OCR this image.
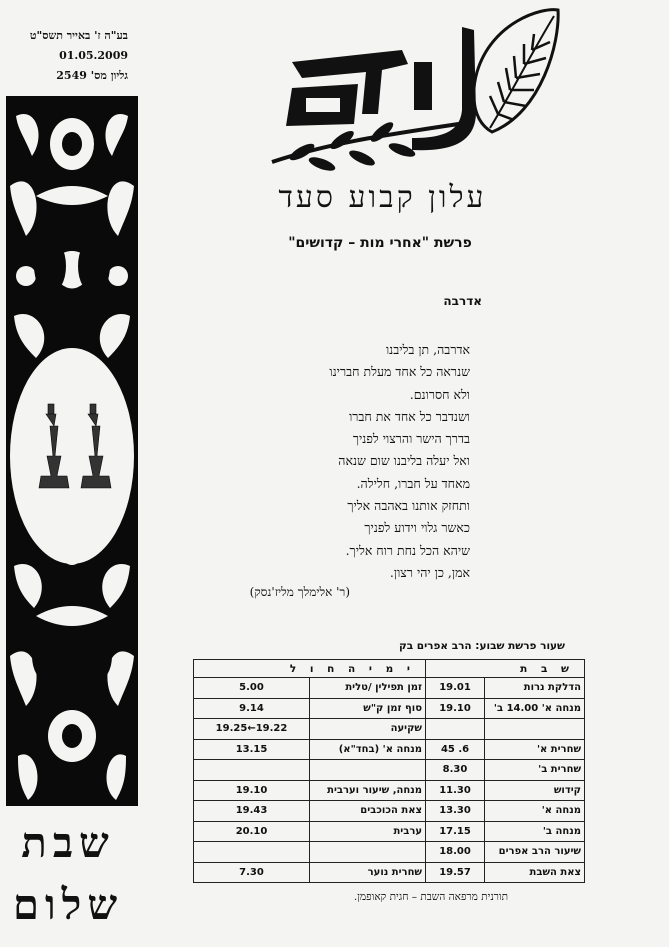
בע"ה ז' באייר תשס"ט
01.05.2009
גליון מס' 2549
שבת
שלום
עלון קבוע סעד
פרשת "אחרי מות – קדושים"
אדרבה
אדרבה, תן בליבנו
שנראה כל אחד מעלת חברינו
ולא חסרונם.
ושנדבר כל אחד את חברו
בדרך הישר והרצוי לפניך
ואל יעלה בליבנו שום שנאה
מאחד על חברו, חלילה.
ותחזק אותנו באהבה אליך
כאשר גלוי וידוע לפניך
שיהא הכל נחת רוח אליך.
אמן, כן יהי רצון.
(ר' אלימלך מליז'נסק)
שעור פרשת שבוע: הרב אפרים בק
ש ב ת		י מ י ה ח ו ל	
הדלקת נרות	19.01	זמן תפילין /טלית	5.00
מנחה א' 14.00 ב'	19.10	סוף זמן ק"ש	9.14
		שקיעה	19.22←19.25
שחרית א'	6. 45	מנחה א' (בחד"א)	13.15
שחרית ב'	8.30		
קידוש	11.30	מנחה, שיעור וערבית	19.10
מנחה א'	13.30	צאת הכוכבים	19.43
מנחה ב'	17.15	ערבית	20.10
שיעור הרב אפרים	18.00		
צאת השבת	19.57	שחרית נוער	7.30
תורנית מרפאה השבת – חגית קאופמן.
